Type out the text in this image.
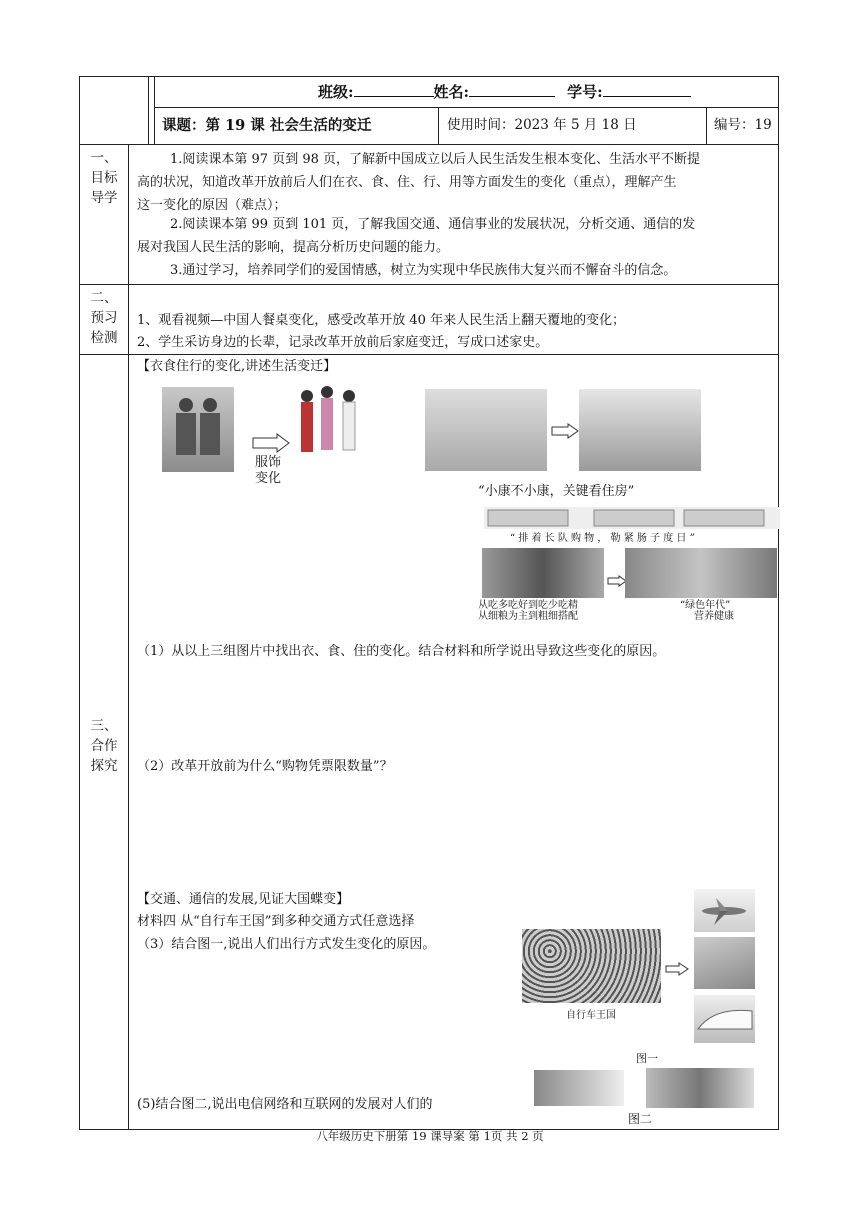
班级:	姓名:	学号:
课题：第 19 课 社会生活的变迁	使用时间：2023 年 5 月 18 日	编号：19
一、
目标
导学
1.阅读课本第 97 页到 98 页，了解新中国成立以后人民生活发生根本变化、生活水平不断提
高的状况，知道改革开放前后人们在衣、食、住、行、用等方面发生的变化（重点），理解产生
这一变化的原因（难点）；
2.阅读课本第 99 页到 101 页，了解我国交通、通信事业的发展状况，分析交通、通信的发
展对我国人民生活的影响，提高分析历史问题的能力。
3.通过学习，培养同学们的爱国情感，树立为实现中华民族伟大复兴而不懈奋斗的信念。
二、
预习
检测
1、观看视频—中国人餐桌变化，感受改革开放 40 年来人民生活上翻天覆地的变化；
2、学生采访身边的长辈，记录改革开放前后家庭变迁，写成口述家史。
三、
合作
探究
【衣食住行的变化,讲述生活变迁】
服饰
变化
“小康不小康，关键看住房”
“ 排 着 长 队 购 物 ， 勒 紧 肠 子 度 日 ”
从吃多吃好到吃少吃精
从细粮为主到粗细搭配
“绿色年代”
营养健康
（1）从以上三组图片中找出衣、食、住的变化。结合材料和所学说出导致这些变化的原因。
（2）改革开放前为什么“购物凭票限数量”？
【交通、通信的发展,见证大国蝶变】
材料四 从“自行车王国”到多种交通方式任意选择
（3）结合图一,说出人们出行方式发生变化的原因。
自行车王国
图一
图二
(5)结合图二,说出电信网络和互联网的发展对人们的
八年级历史下册第 19 课导案 第 1页 共 2 页
